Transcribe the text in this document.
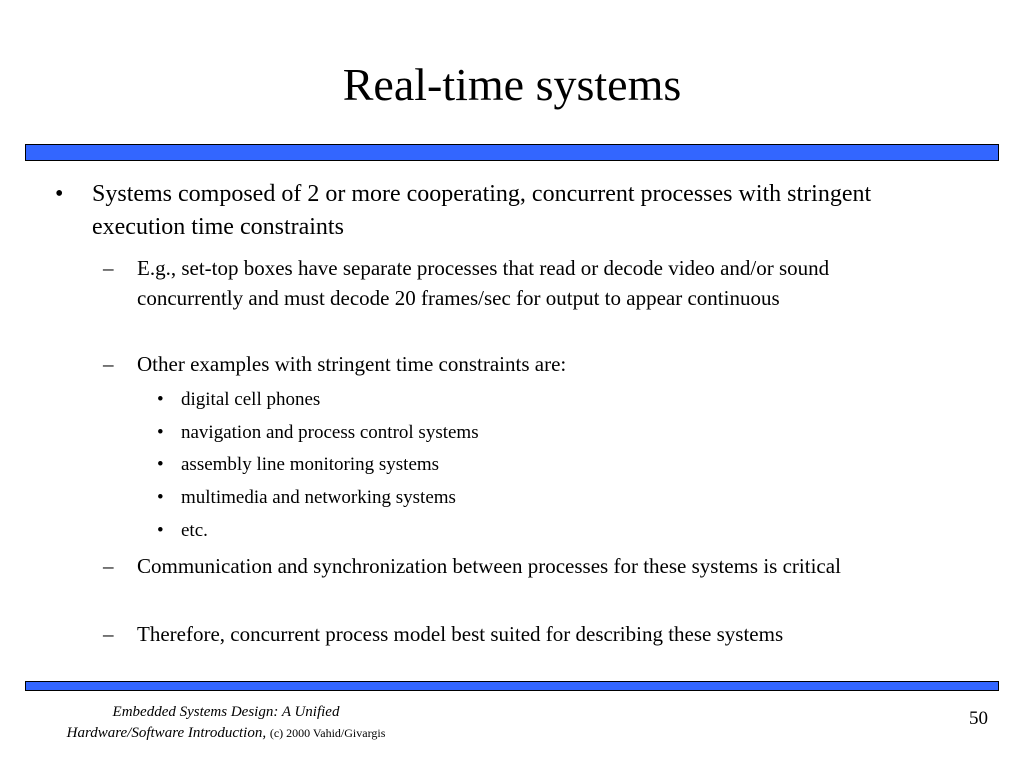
Real-time systems
•	Systems composed of 2 or more cooperating, concurrent processes with stringent execution time constraints
–	E.g., set-top boxes have separate processes that read or decode video and/or sound concurrently and must decode 20 frames/sec for output to appear continuous
–	Other examples with stringent time constraints are:
• digital cell phones
• navigation and process control systems
• assembly line monitoring systems
• multimedia and networking systems
• etc.
–	Communication and synchronization between processes for these systems is critical
–	Therefore, concurrent process model best suited for describing these systems
Embedded Systems Design: A Unified
Hardware/Software Introduction, (c) 2000 Vahid/Givargis
50
